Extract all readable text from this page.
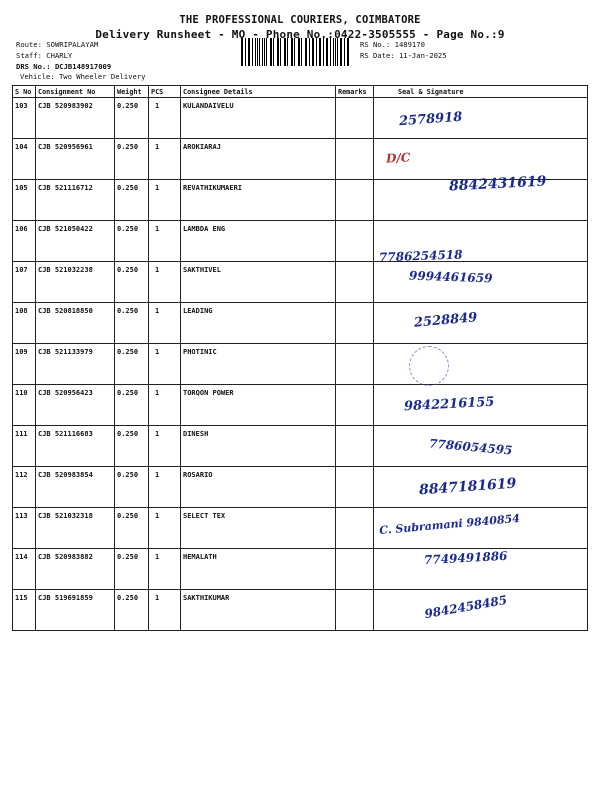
THE PROFESSIONAL COURIERS, COIMBATORE
Delivery Runsheet - MO - Phone No.:0422-3505555 - Page No.:9
Route: SOWRIPALAYAM
Staff: CHARLY
DRS No.: DCJB148917009
Vehicle: Two Wheeler Delivery
RS No.: 1489170
RS Date: 11-Jan-2025
S No	Consignment No	Weight	PCS	Consignee Details	Remarks	Seal & Signature
103	CJB 520983902	0.250	1	KULANDAIVELU		2578918

104	CJB 520956961	0.250	1	AROKIARAJ		D/C

105	CJB 521116712	0.250	1	REVATHIKUMAERI		8842431619

106	CJB 521050422	0.250	1	LAMBDA ENG		7786254518

107	CJB 521032238	0.250	1	SAKTHIVEL		9994461659

108	CJB 520818850	0.250	1	LEADING		2528849

109	CJB 521133979	0.250	1	PHOTINIC		

110	CJB 520956423	0.250	1	TORQON POWER		9842216155

111	CJB 521116683	0.250	1	DINESH		7786054595

112	CJB 520983854	0.250	1	ROSARIO		8847181619

113	CJB 521032318	0.250	1	SELECT TEX		C. Subramani 9840854

114	CJB 520983882	0.250	1	HEMALATH		7749491886

115	CJB 519691859	0.250	1	SAKTHIKUMAR		9842458485
